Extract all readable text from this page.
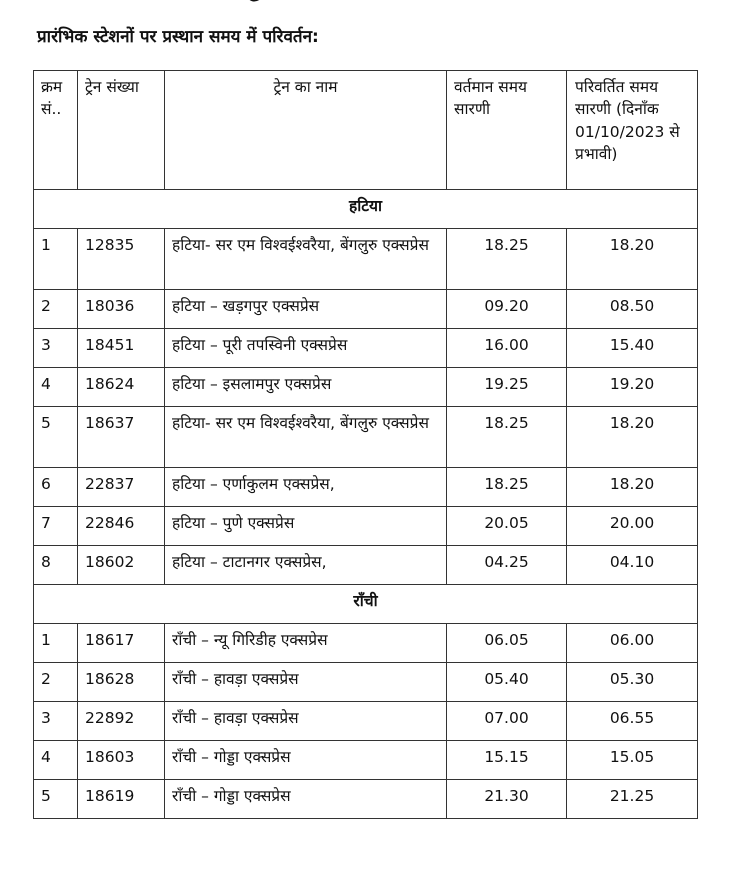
प्रारंभिक स्टेशनों पर प्रस्थान समय में परिवर्तन:
क्रम सं..	ट्रेन संख्या	ट्रेन का नाम	वर्तमान समय सारणी	परिवर्तित समय सारणी (दिनाँक 01/10/2023 से प्रभावी)
हटिया				
1	12835	हटिया- सर एम विश्वईश्वरैया, बेंगलुरु एक्सप्रेस	18.25	18.20
2	18036	हटिया – खड़गपुर एक्सप्रेस	09.20	08.50
3	18451	हटिया – पूरी तपस्विनी एक्सप्रेस	16.00	15.40
4	18624	हटिया – इसलामपुर एक्सप्रेस	19.25	19.20
5	18637	हटिया- सर एम विश्वईश्वरैया, बेंगलुरु एक्सप्रेस	18.25	18.20
6	22837	हटिया – एर्णाकुलम एक्सप्रेस,	18.25	18.20
7	22846	हटिया – पुणे एक्सप्रेस	20.05	20.00
8	18602	हटिया – टाटानगर एक्सप्रेस,	04.25	04.10
राँची				
1	18617	राँची – न्यू गिरिडीह एक्सप्रेस	06.05	06.00
2	18628	राँची – हावड़ा एक्सप्रेस	05.40	05.30
3	22892	राँची – हावड़ा एक्सप्रेस	07.00	06.55
4	18603	राँची – गोड्डा एक्सप्रेस	15.15	15.05
5	18619	राँची – गोड्डा एक्सप्रेस	21.30	21.25
